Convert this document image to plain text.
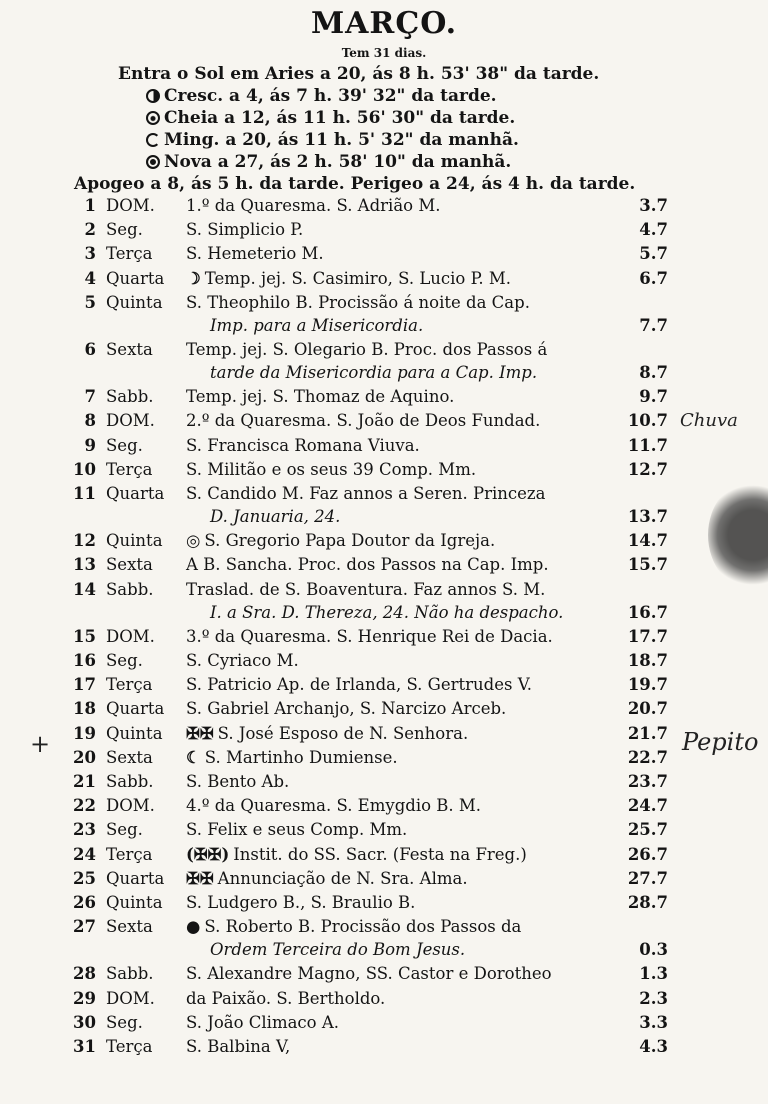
MARÇO.
Tem 31 dias.
Entra o Sol em Aries a 20, ás 8 h. 53' 38" da tarde.
Cresc. a 4, ás 7 h. 39' 32" da tarde.
Cheia a 12, ás 11 h. 56' 30" da tarde.
Ming. a 20, ás 11 h. 5' 32" da manhã.
Nova a 27, ás 2 h. 58' 10" da manhã.
Apogeo a 8, ás 5 h. da tarde. Perigeo a 24, ás 4 h. da tarde.
1 DOM. 1.º da Quaresma. S. Adrião M.	3.7
2 Seg.	S. Simplicio P.	4.7
3 Terça S. Hemeterio M.	5.7
4 Quarta ☽ Temp. jej. S. Casimiro, S. Lucio P. M.	6.7
5 Quinta S. Theophilo B. Procissão á noite da Cap.
Imp. para a Misericordia.	7.7
6 Sexta Temp. jej. S. Olegario B. Proc. dos Passos á
tarde da Misericordia para a Cap. Imp.	8.7
7 Sabb. Temp. jej. S. Thomaz de Aquino.	9.7
8 DOM. 2.º da Quaresma. S. João de Deos Fundad.	10.7
9 Seg.	S. Francisca Romana Viuva.	11.7
10 Terça S. Militão e os seus 39 Comp. Mm.	12.7
11 Quarta S. Candido M. Faz annos a Seren. Princeza
D. Januaria, 24.	13.7
12 Quinta ◎ S. Gregorio Papa Doutor da Igreja.	14.7
13 Sexta A B. Sancha. Proc. dos Passos na Cap. Imp.	15.7
14 Sabb. Traslad. de S. Boaventura. Faz annos S. M.
I. a Sra. D. Thereza, 24. Não ha despacho.	16.7
15 DOM. 3.º da Quaresma. S. Henrique Rei de Dacia.	17.7
16 Seg.	S. Cyriaco M.	18.7
17 Terça S. Patricio Ap. de Irlanda, S. Gertrudes V.	19.7
18 Quarta S. Gabriel Archanjo, S. Narcizo Arceb.	20.7
19 Quinta ✠✠ S. José Esposo de N. Senhora.	21.7
20 Sexta ☾ S. Martinho Dumiense.	22.7
21 Sabb. S. Bento Ab.	23.7
22 DOM. 4.º da Quaresma. S. Emygdio B. M.	24.7
23 Seg.	S. Felix e seus Comp. Mm.	25.7
24 Terça (✠✠) Instit. do SS. Sacr. (Festa na Freg.)	26.7
25 Quarta ✠✠ Annunciação de N. Sra. Alma.	27.7
26 Quinta S. Ludgero B., S. Braulio B.	28.7
27 Sexta ● S. Roberto B. Procissão dos Passos da
Ordem Terceira do Bom Jesus.	0.3
28 Sabb. S. Alexandre Magno, SS. Castor e Dorotheo	1.3
29 DOM. da Paixão. S. Bertholdo.	2.3
30 Seg.	S. João Climaco A.	3.3
31 Terça S. Balbina V,	4.3
+	Pepito
Chuva
